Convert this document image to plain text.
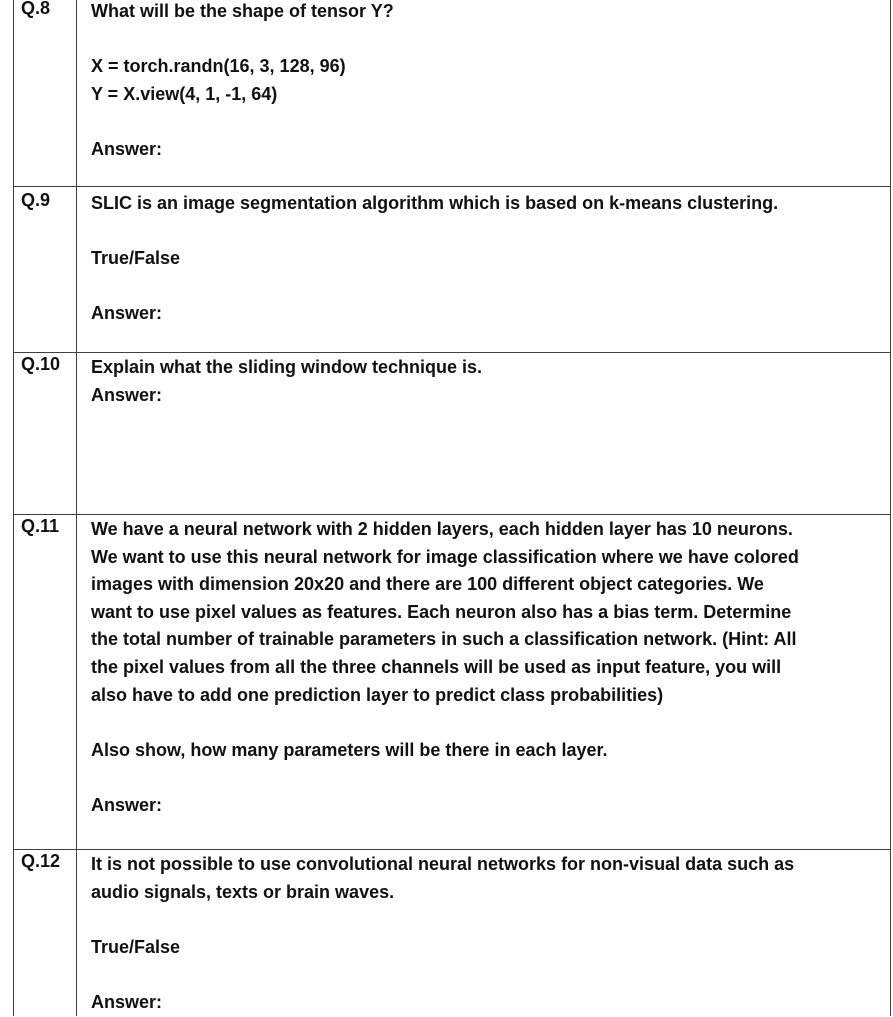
Q.8	What will be the shape of tensor Y?
X = torch.randn(16, 3, 128, 96)
Y = X.view(4, 1, -1, 64)
Answer:
Q.9	SLIC is an image segmentation algorithm which is based on k-means clustering.
True/False
Answer:
Q.10	Explain what the sliding window technique is.
Answer:
Q.11	We have a neural network with 2 hidden layers, each hidden layer has 10 neurons.
We want to use this neural network for image classification where we have colored
images with dimension 20x20 and there are 100 different object categories. We
want to use pixel values as features. Each neuron also has a bias term. Determine
the total number of trainable parameters in such a classification network. (Hint: All
the pixel values from all the three channels will be used as input feature, you will
also have to add one prediction layer to predict class probabilities)
Also show, how many parameters will be there in each layer.
Answer:
Q.12	It is not possible to use convolutional neural networks for non-visual data such as
audio signals, texts or brain waves.
True/False
Answer:
